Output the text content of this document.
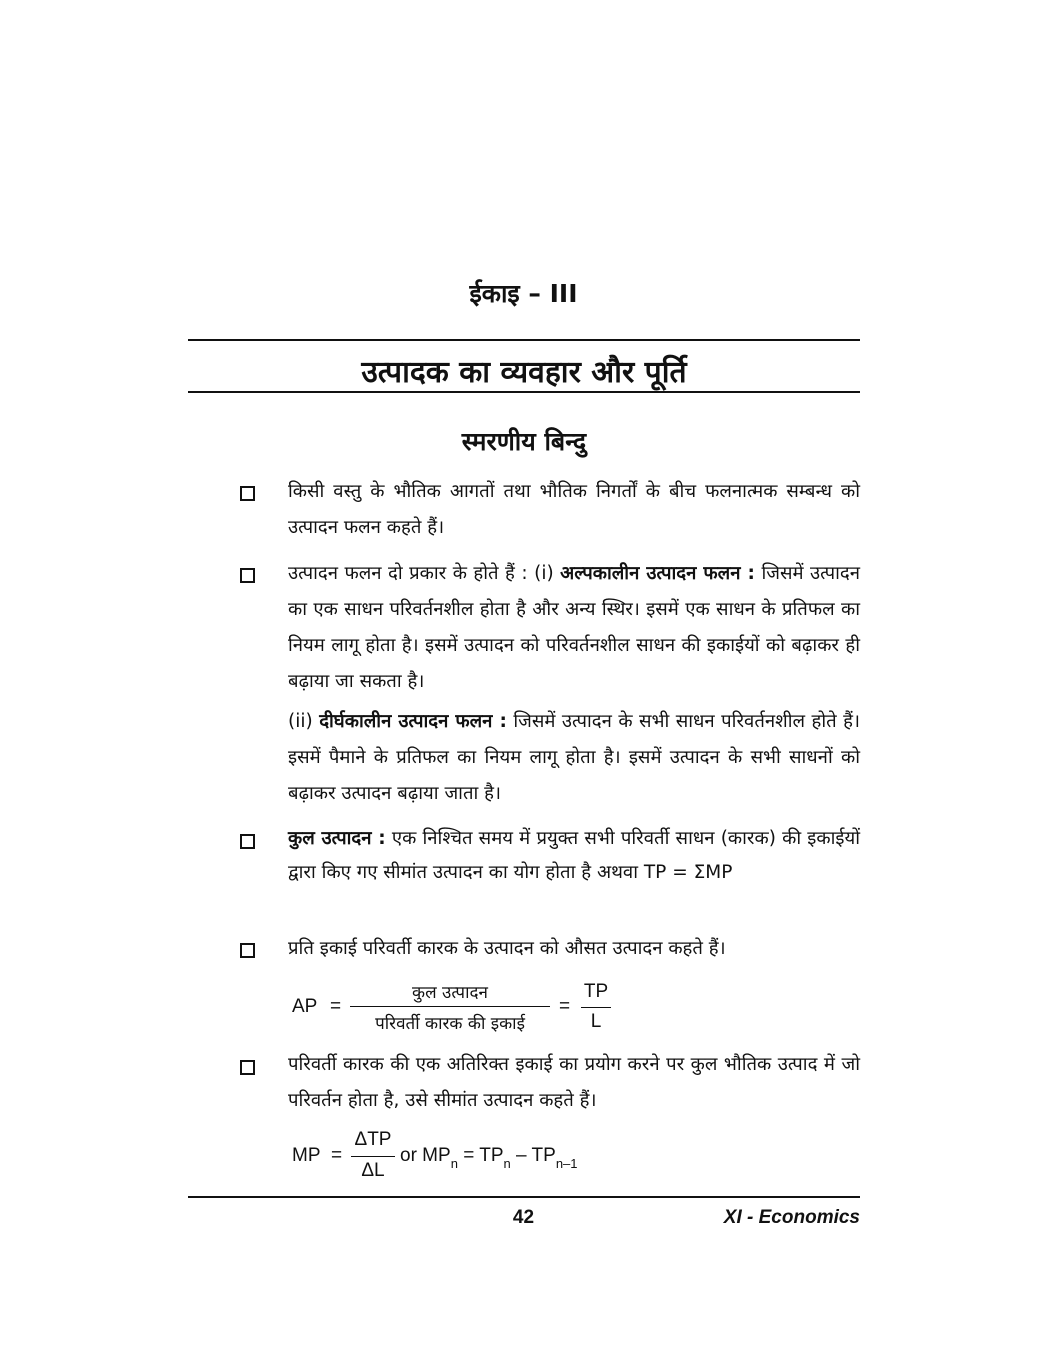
ईकाइ – III
उत्पादक का व्यवहार और पूर्ति
स्मरणीय बिन्दु
किसी वस्तु के भौतिक आगतों तथा भौतिक निगर्तों के बीच फलनात्मक सम्बन्ध को उत्पादन फलन कहते हैं।
उत्पादन फलन दो प्रकार के होते हैं : (i) अल्पकालीन उत्पादन फलन : जिसमें उत्पादन का एक साधन परिवर्तनशील होता है और अन्य स्थिर। इसमें एक साधन के प्रतिफल का नियम लागू होता है। इसमें उत्पादन को परिवर्तनशील साधन की इकाईयों को बढ़ाकर ही बढ़ाया जा सकता है।
(ii) दीर्घकालीन उत्पादन फलन : जिसमें उत्पादन के सभी साधन परिवर्तनशील होते हैं। इसमें पैमाने के प्रतिफल का नियम लागू होता है। इसमें उत्पादन के सभी साधनों को बढ़ाकर उत्पादन बढ़ाया जाता है।
कुल उत्पादन : एक निश्चित समय में प्रयुक्त सभी परिवर्ती साधन (कारक) की इकाईयों द्वारा किए गए सीमांत उत्पादन का योग होता है अथवा TP = ΣMP
प्रति इकाई परिवर्ती कारक के उत्पादन को औसत उत्पादन कहते हैं।
AP =
कुल उत्पादन
परिवर्ती कारक की इकाई
=
TP
L
परिवर्ती कारक की एक अतिरिक्त इकाई का प्रयोग करने पर कुल भौतिक उत्पाद में जो परिवर्तन होता है, उसे सीमांत उत्पादन कहते हैं।
MP =
ΔTP
ΔL
or $MP_n = TP_n - TP_{n-1}$
42	XI - Economics
